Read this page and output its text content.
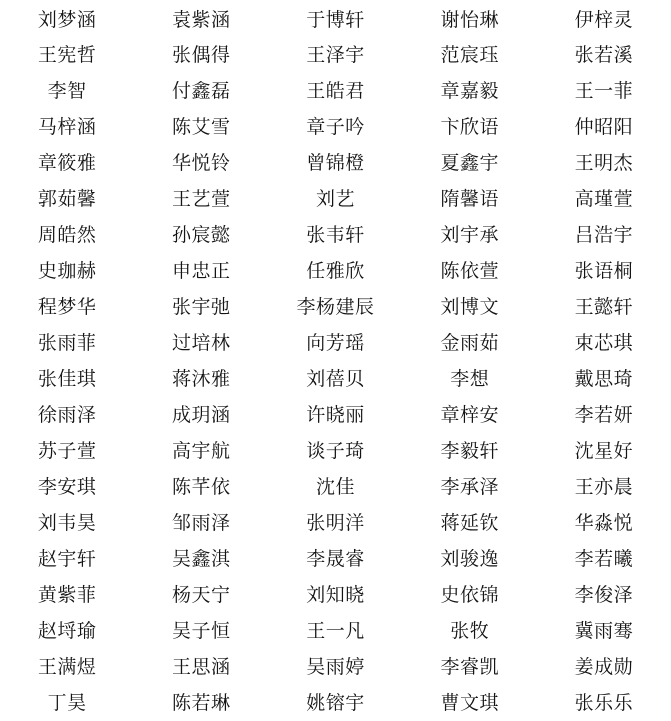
刘梦涵	袁紫涵	于博轩	谢怡琳	伊梓灵
王宪哲	张偶得	王泽宇	范宸珏	张若溪
李智	付鑫磊	王皓君	章嘉毅	王一菲
马梓涵	陈艾雪	章子吟	卞欣语	仲昭阳
章筱雅	华悦铃	曾锦橙	夏鑫宇	王明杰
郭茹馨	王艺萱	刘艺	隋馨语	高瑾萱
周皓然	孙宸懿	张韦轩	刘宇承	吕浩宇
史珈赫	申忠正	任雅欣	陈依萱	张语桐
程梦华	张宇弛	李杨建辰	刘博文	王懿轩
张雨菲	过培林	向芳瑶	金雨茹	束芯琪
张佳琪	蒋沐雅	刘蓓贝	李想	戴思琦
徐雨泽	成玥涵	许晓丽	章梓安	李若妍
苏子萱	高宇航	谈子琦	李毅轩	沈星好
李安琪	陈芊依	沈佳	李承泽	王亦晨
刘韦昊	邹雨泽	张明洋	蒋延钦	华淼悦
赵宇轩	吴鑫淇	李晟睿	刘骏逸	李若曦
黄紫菲	杨天宁	刘知晓	史依锦	李俊泽
赵埒瑜	吴子恒	王一凡	张牧	冀雨骞
王满煜	王思涵	吴雨婷	李睿凯	姜成勋
丁昊	陈若琳	姚镕宇	曹文琪	张乐乐
